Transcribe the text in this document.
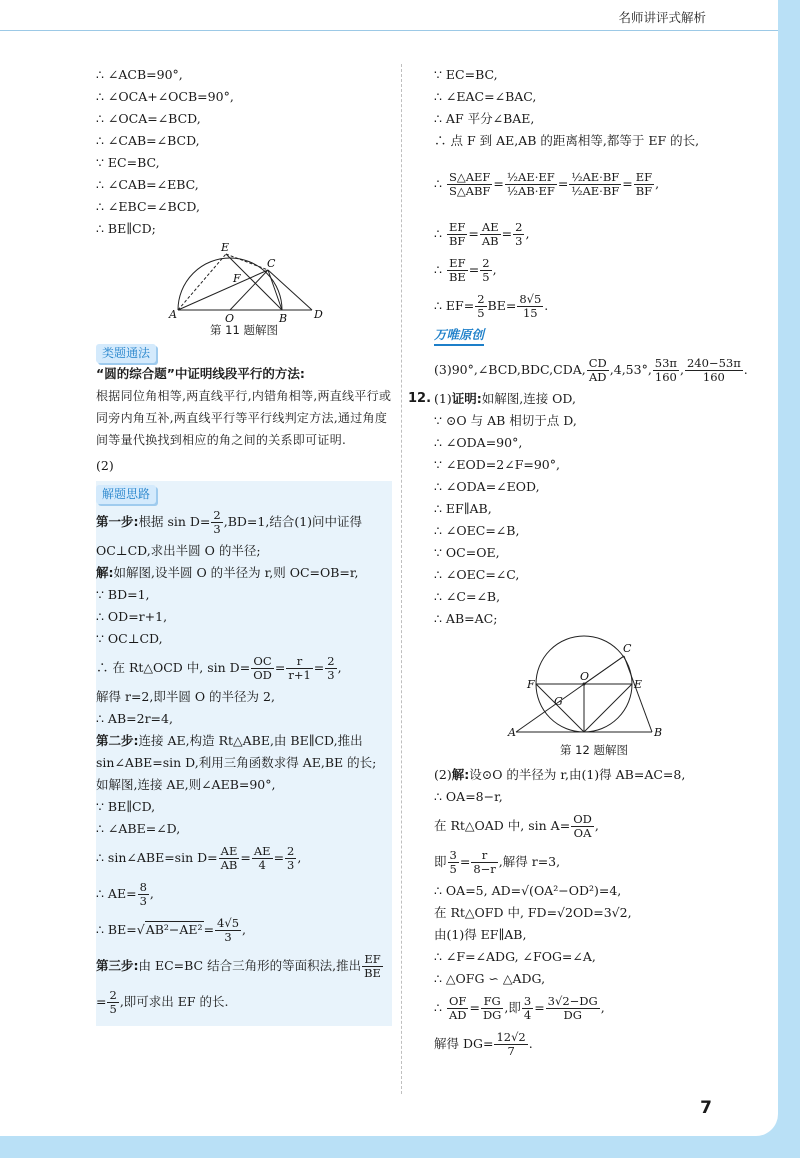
名师讲评式解析
∴ ∠ACB=90°,
∴ ∠OCA+∠OCB=90°,
∴ ∠OCA=∠BCD,
∴ ∠CAB=∠BCD,
∵ EC=BC,
∴ ∠CAB=∠EBC,
∴ ∠EBC=∠BCD,
∴ BE∥CD;
E
C
F
A	O	B D
第 11 题解图
类题通法
“圆的综合题”中证明线段平行的方法:
根据同位角相等,两直线平行,内错角相等,两直线平行或同旁内角互补,两直线平行等平行线判定方法,通过角度间等量代换找到相应的角之间的关系即可证明.
(2)
解题思路
第一步:根据 $\sin D= \frac{2}{3} ,BD=1$,结合(1)问中证得
OC⊥CD,求出半圆 O 的半径;
解:如解图,设半圆 O 的半径为 r,则 OC=OB=r,
∵ BD=1,
∴ OD=r+1,
∵ OC⊥CD,
∴ 在 Rt△OCD 中, $\sin D= \frac{OC}{OD} = \frac{r}{r+1} = \frac{2}{3}$ ,
解得 r=2,即半圆 O 的半径为 2,
∴ AB=2r=4,
第二步:连接 AE,构造 Rt△ABE,由 BE∥CD,推出
sin∠ABE=sin D,利用三角函数求得 AE,BE 的长;
如解图,连接 AE,则∠AEB=90°,
∵ BE∥CD,
∴ ∠ABE=∠D,
∴ sin∠ABE=sin $D= \frac{AE}{AB} = \frac{AE}{4} = \frac{2}{3}$ ,
∴ $AE= \frac{8}{3}$ ,
∴ $BE=√AB^2-AE^2= \frac{4√5}{3}$ ,
第三步:由 EC=BC 结合三角形的等面积法,推出 $\frac{EF}{BE}$
= $\frac{2}{5}$ ,即可求出 EF 的长.
∵ EC=BC,
∴ ∠EAC=∠BAC,
∴ AF 平分∠BAE,
∴ 点 F 到 AE,AB 的距离相等,都等于 EF 的长,
∴ $\frac{\text{S△AEF}}{\text{S△ABF}} = \frac{\text{½AE·EF}}{\text{½AB·EF}} = \frac{\text{½AE·BF}}{\text{½AE·BF}} = \frac{EF}{BF}$ ,
∴ $\frac{EF}{BF} = \frac{AE}{AB} = \frac{2}{3}$ ,
∴ $\frac{EF}{BE} = \frac{2}{5}$ ,
∴ $EF= \frac{2}{5} BE= \frac{8√5}{15}$ .
万唯原创
(3)90°,∠BCD,BDC,CDA, $\frac{CD}{AD} ,4,53^\circ$, $\frac{53\pi}{160}$ , $\frac{240-53\pi}{160}$ .
12. (1)证明:如解图,连接 OD,
∵ ⊙O 与 AB 相切于点 D,
∴ ∠ODA=90°,
∵ ∠EOD=2∠F=90°,
∴ ∠ODA=∠EOD,
∴ EF∥AB,
∴ ∠OEC=∠B,
∵ OC=OE,
∴ ∠OEC=∠C,
∴ ∠C=∠B,
∴ AB=AC;
C
F
O
E
G
A	B
第 12 题解图
(2)解:设⊙O 的半径为 r,由(1)得 AB=AC=8,
∴ OA=8−r,
在 Rt△OAD 中, $\sin A= \frac{OD}{OA}$ ,
即 $\frac{3}{5} = \frac{r}{8-r}$ ,解得 r=3,
∴ OA=5, AD=√(OA²−OD²)=4,
在 Rt△OFD 中, FD=√2OD=3√2,
由(1)得 EF∥AB,
∴ ∠F=∠ADG, ∠FOG=∠A,
∴ △OFG ∽ △ADG,
∴ $\frac{OF}{AD} = \frac{FG}{DG}$ ,即 $\frac{3}{4} = \frac{3√2-DG}{DG}$ ,
解得 $DG= \frac{12√2}{7}$ .
7
